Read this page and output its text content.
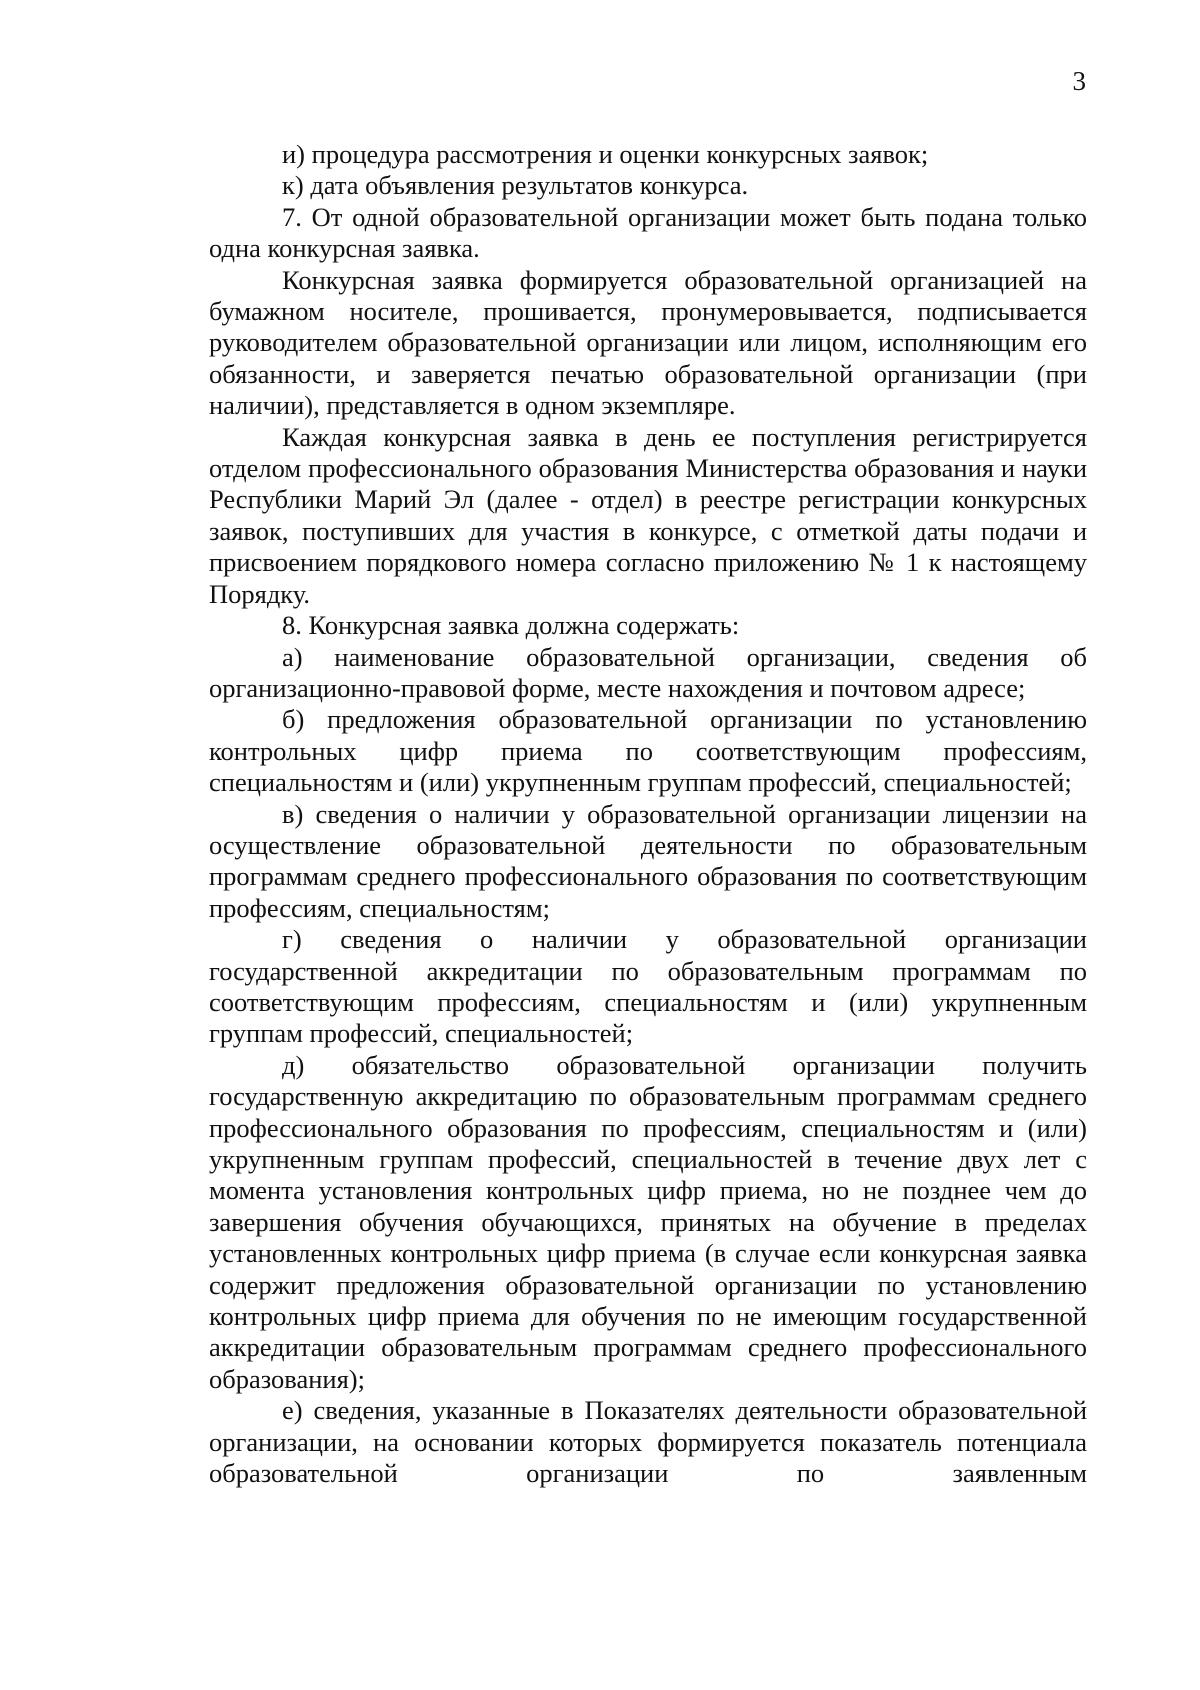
3

и) процедура рассмотрения и оценки конкурсных заявок;

к) дата объявления результатов конкурса.

7. От одной образовательной организации может быть подана только одна конкурсная заявка.

Конкурсная заявка формируется образовательной организацией на бумажном носителе, прошивается, пронумеровывается, подписывается руководителем образовательной организации или лицом, исполняющим его обязанности, и заверяется печатью образовательной организации (при наличии), представляется в одном экземпляре.

Каждая конкурсная заявка в день ее поступления регистрируется отделом профессионального образования Министерства образования и науки Республики Марий Эл (далее - отдел) в реестре регистрации конкурсных заявок, поступивших для участия в конкурсе, с отметкой даты подачи и присвоением порядкового номера согласно приложению № 1 к настоящему Порядку.

8. Конкурсная заявка должна содержать:

а) наименование образовательной организации, сведения об организационно-правовой форме, месте нахождения и почтовом адресе;

б) предложения образовательной организации по установлению контрольных цифр приема по соответствующим профессиям, специальностям и (или) укрупненным группам профессий, специальностей;

в) сведения о наличии у образовательной организации лицензии на осуществление образовательной деятельности по образовательным программам среднего профессионального образования по соответствующим профессиям, специальностям;

г) сведения о наличии у образовательной организации государственной аккредитации по образовательным программам по соответствующим профессиям, специальностям и (или) укрупненным группам профессий, специальностей;

д) обязательство образовательной организации получить государственную аккредитацию по образовательным программам среднего профессионального образования по профессиям, специальностям и (или) укрупненным группам профессий, специальностей в течение двух лет с момента установления контрольных цифр приема, но не позднее чем до завершения обучения обучающихся, принятых на обучение в пределах установленных контрольных цифр приема (в случае если конкурсная заявка содержит предложения образовательной организации по установлению контрольных цифр приема для обучения по не имеющим государственной аккредитации образовательным программам среднего профессионального образования);

е) сведения, указанные в Показателях деятельности образовательной организации, на основании которых формируется показатель потенциала образовательной организации по заявленным
